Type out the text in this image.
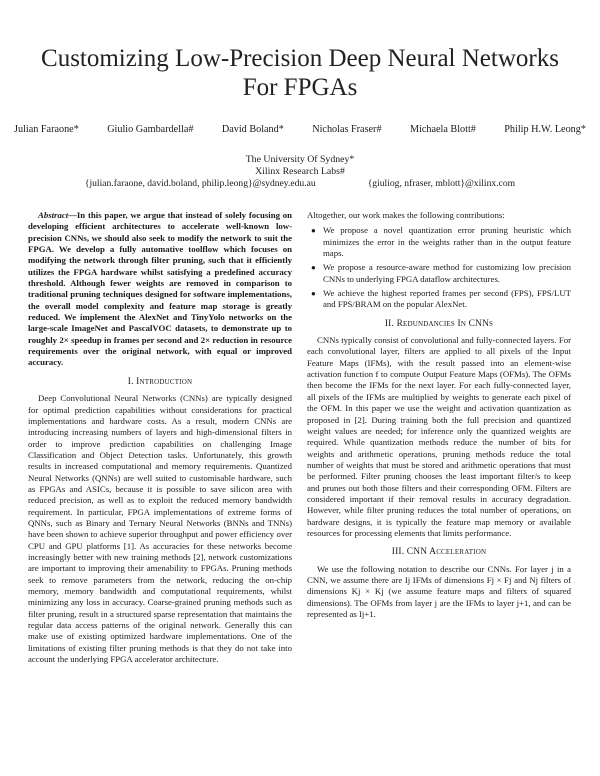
Customizing Low-Precision Deep Neural Networks
For FPGAs
Julian Faraone*	Giulio Gambardella#	David Boland*	Nicholas Fraser#	Michaela Blott#	Philip H.W. Leong*
The University Of Sydney*
Xilinx Research Labs#
{julian.faraone, david.boland, philip.leong}@sydney.edu.au	{giuliog, nfraser, mblott}@xilinx.com

Abstract—In this paper, we argue that instead of solely focusing on developing efficient architectures to accelerate well-known low-precision CNNs, we should also seek to modify the network to suit the FPGA. We develop a fully automative toolflow which focuses on modifying the network through filter pruning, such that it efficiently utilizes the FPGA hardware whilst satisfying a predefined accuracy threshold. Although fewer weights are removed in comparison to traditional pruning techniques designed for software implementations, the overall model complexity and feature map storage is greatly reduced. We implement the AlexNet and TinyYolo networks on the large-scale ImageNet and PascalVOC datasets, to demonstrate up to roughly 2× speedup in frames per second and 2× reduction in resource requirements over the original network, with equal or improved accuracy.

I. Introduction

Deep Convolutional Neural Networks (CNNs) are typically designed for optimal prediction capabilities without considerations for practical implementations and hardware costs. As a result, modern CNNs are introducing increasing numbers of layers and high-dimensional filters in order to improve prediction capabilities on challenging Image Classification and Object Detection tasks. Unfortunately, this growth results in increased computational and memory requirements. Quantized Neural Networks (QNNs) are well suited to customisable hardware, such as FPGAs and ASICs, because it is possible to save silicon area with reduced precision, as well as to exploit the reduced memory bandwidth requirement. In particular, FPGA implementations of extreme forms of QNNs, such as Binary and Ternary Neural Networks (BNNs and TNNs) have been shown to achieve superior throughput and power efficiency over CPU and GPU platforms [1]. As accuracies for these networks become increasingly better with new training methods [2], network customizations are important to improving their amenability to FPGAs. Pruning methods seek to remove parameters from the network, reducing the on-chip memory, memory bandwidth and computational requirements, whilst minimizing any loss in accuracy. Coarse-grained pruning methods such as filter pruning, result in a structured sparse representation that maintains the regular data access patterns of the original network. Generally this can make use of existing optimized hardware implementations. One of the limitations of existing filter pruning methods is that they do not take into account the underlying FPGA accelerator architecture.

Altogether, our work makes the following contributions:

● We propose a novel quantization error pruning heuristic which minimizes the error in the weights rather than in the output feature maps.
● We propose a resource-aware method for customizing low precision CNNs to underlying FPGA dataflow architectures.
● We achieve the highest reported frames per second (FPS), FPS/LUT and FPS/BRAM on the popular AlexNet.
II. Redundancies In CNNs

CNNs typically consist of convolutional and fully-connected layers. For each convolutional layer, filters are applied to all pixels of the Input Feature Maps (IFMs), with the result passed into an element-wise activation function f to compute Output Feature Maps (OFMs). The OFMs then become the IFMs for the next layer. For each fully-connected layer, all pixels of the IFMs are multiplied by weights to generate each pixel of the OFM. In this paper we use the weight and activation quantization as proposed in [2]. During training both the full precision and quantized weight values are needed; for inference only the quantized weights are required. While quantization methods reduce the number of bits for weights and arithmetic operations, pruning methods reduce the total number of weights that must be stored and arithmetic operations that must be performed. Filter pruning chooses the least important filter/s to keep and prunes out both those filters and their corresponding OFM. Filters are considered important if their removal results in accuracy degradation. However, while filter pruning reduces the total number of operations, on hardware designs, it is typically the feature map memory or available resources for processing elements that limits performance.

III. CNN Acceleration

We use the following notation to describe our CNNs. For layer j in a CNN, we assume there are Ij IFMs of dimensions Fj × Fj and Nj filters of dimensions Kj × Kj (we assume feature maps and filters of squared dimensions). The OFMs from layer j are the IFMs to layer j+1, and can be represented as Ij+1.
